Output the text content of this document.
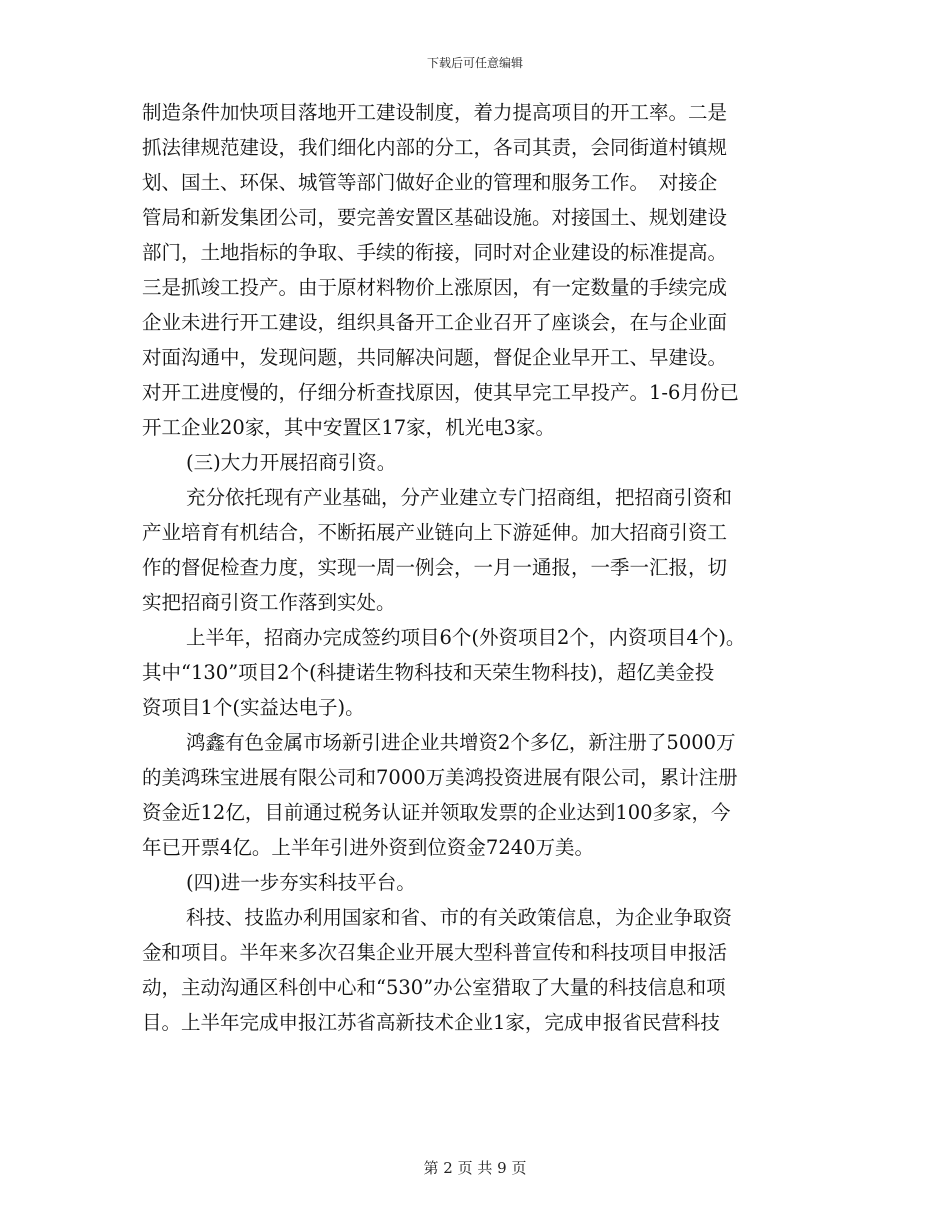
下载后可任意编辑
制造条件加快项目落地开工建设制度，着力提高项目的开工率。二是
抓法律规范建设，我们细化内部的分工，各司其责，会同街道村镇规
划、国土、环保、城管等部门做好企业的管理和服务工作。　对接企
管局和新发集团公司，要完善安置区基础设施。对接国土、规划建设
部门，土地指标的争取、手续的衔接，同时对企业建设的标准提高。
三是抓竣工投产。由于原材料物价上涨原因，有一定数量的手续完成
企业未进行开工建设，组织具备开工企业召开了座谈会，在与企业面
对面沟通中，发现问题，共同解决问题，督促企业早开工、早建设。
对开工进度慢的，仔细分析查找原因，使其早完工早投产。1-6月份已
开工企业20家，其中安置区17家，机光电3家。
(三)大力开展招商引资。
充分依托现有产业基础，分产业建立专门招商组，把招商引资和
产业培育有机结合，不断拓展产业链向上下游延伸。加大招商引资工
作的督促检查力度，实现一周一例会，一月一通报，一季一汇报，切
实把招商引资工作落到实处。
上半年，招商办完成签约项目6个(外资项目2个，内资项目4个)。
其中“130”项目2个(科捷诺生物科技和天荣生物科技)，超亿美金投
资项目1个(实益达电子)。
鸿鑫有色金属市场新引进企业共增资2个多亿，新注册了5000万
的美鸿珠宝进展有限公司和7000万美鸿投资进展有限公司，累计注册
资金近12亿，目前通过税务认证并领取发票的企业达到100多家，今
年已开票4亿。上半年引进外资到位资金7240万美。
(四)进一步夯实科技平台。
科技、技监办利用国家和省、市的有关政策信息，为企业争取资
金和项目。半年来多次召集企业开展大型科普宣传和科技项目申报活
动，主动沟通区科创中心和“530”办公室猎取了大量的科技信息和项
目。上半年完成申报江苏省高新技术企业1家，完成申报省民营科技
第 2 页 共 9 页
